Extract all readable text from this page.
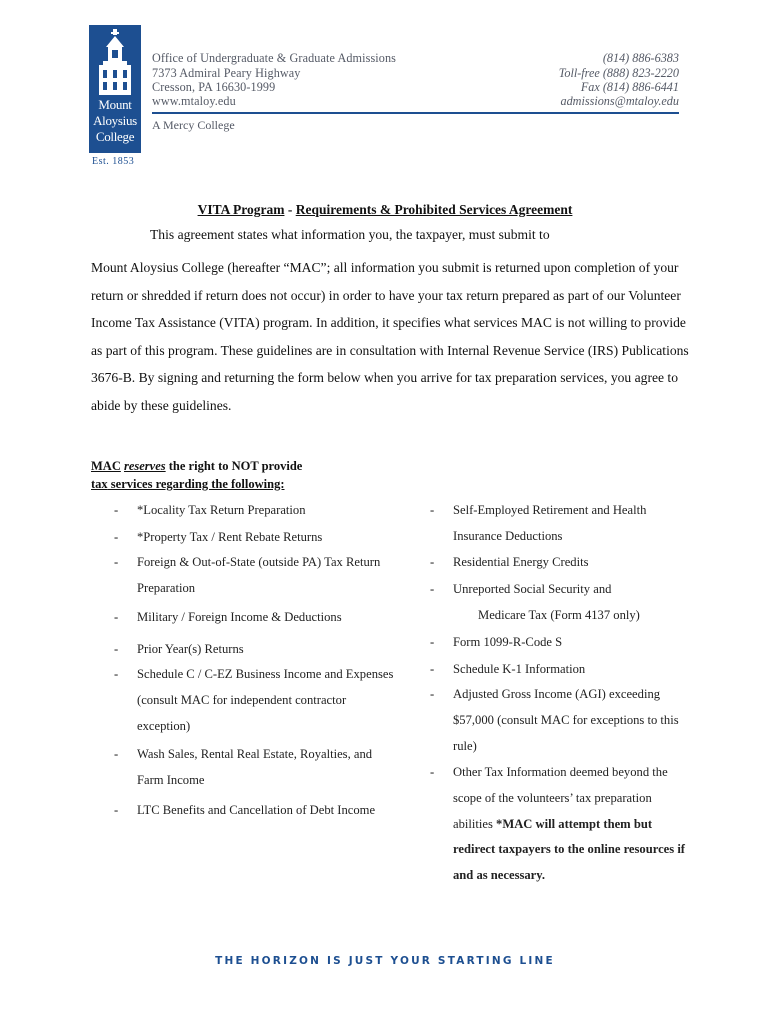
Mount
Aloysius
College
Est. 1853
Office of Undergraduate & Graduate Admissions
7373 Admiral Peary Highway
Cresson, PA 16630-1999
www.mtaloy.edu
(814) 886-6383
Toll-free (888) 823-2220
Fax (814) 886-6441
admissions@mtaloy.edu
A Mercy College
VITA Program - Requirements & Prohibited Services Agreement
This agreement states what information you, the taxpayer, must submit to
Mount Aloysius College (hereafter “MAC”; all information you submit is returned upon completion of your return or shredded if return does not occur) in order to have your tax return prepared as part of our Volunteer Income Tax Assistance (VITA) program. In addition, it specifies what services MAC is not willing to provide as part of this program. These guidelines are in consultation with Internal Revenue Service (IRS) Publications 3676-B. By signing and returning the form below when you arrive for tax preparation services, you agree to abide by these guidelines.
MAC reserves the right to NOT provide
tax services regarding the following:
- *Locality Tax Return Preparation
- *Property Tax / Rent Rebate Returns
- Foreign & Out-of-State (outside PA) Tax Return Preparation
- Military / Foreign Income & Deductions
- Prior Year(s) Returns
- Schedule C / C-EZ Business Income and Expenses (consult MAC for independent contractor exception)
- Wash Sales, Rental Real Estate, Royalties, and Farm Income
- LTC Benefits and Cancellation of Debt Income
- Self-Employed Retirement and Health Insurance Deductions
- Residential Energy Credits
- Unreported Social Security and
Medicare Tax (Form 4137 only)
- Form 1099-R-Code S
- Schedule K-1 Information
- Adjusted Gross Income (AGI) exceeding $57,000 (consult MAC for exceptions to this rule)
- Other Tax Information deemed beyond the scope of the volunteers’ tax preparation abilities *MAC will attempt them but redirect taxpayers to the online resources if and as necessary.
THE HORIZON IS JUST YOUR STARTING LINE
